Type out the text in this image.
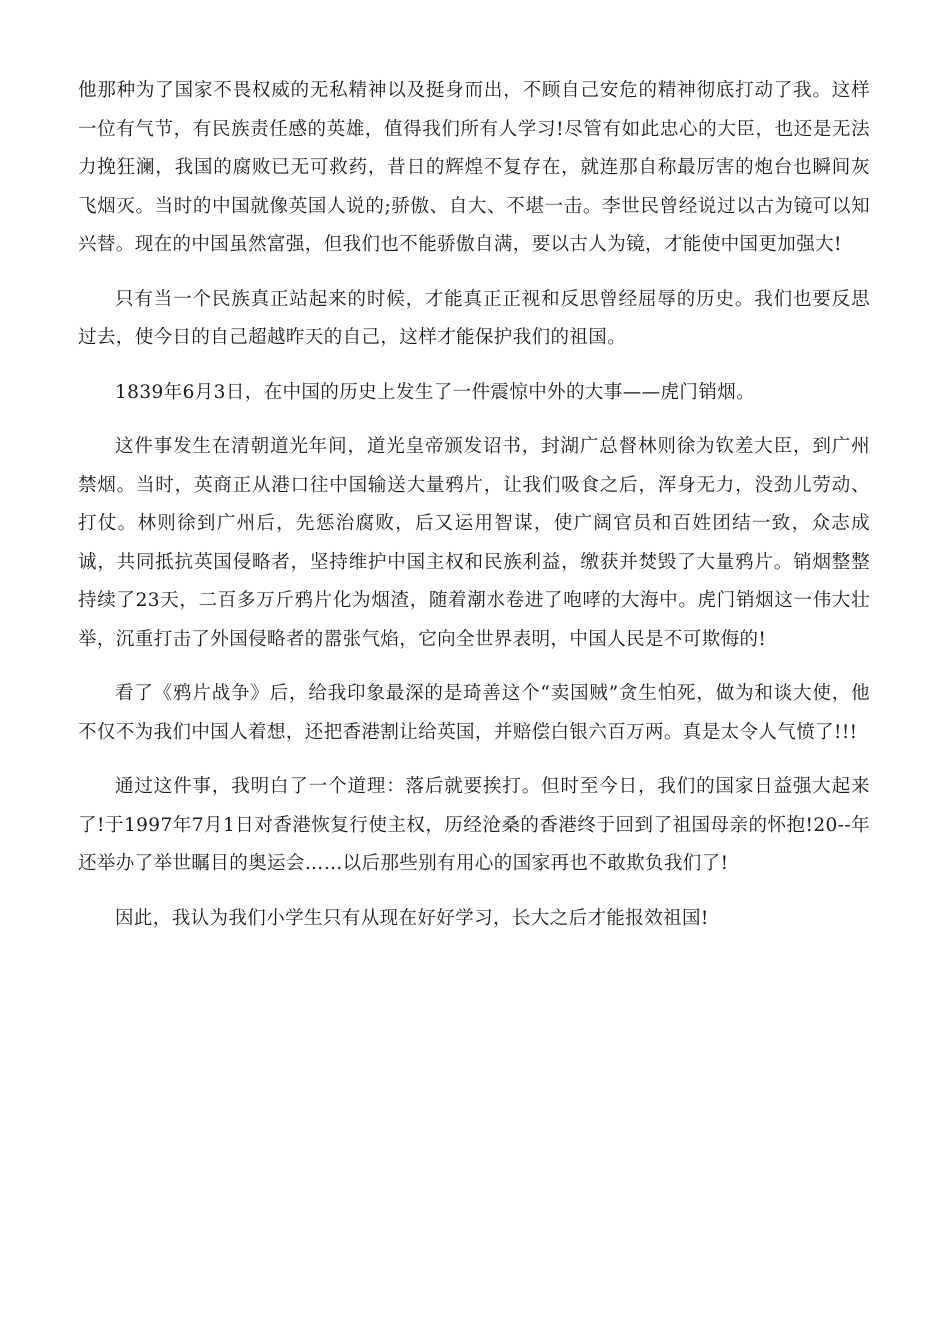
他那种为了国家不畏权威的无私精神以及挺身而出，不顾自己安危的精神彻底打动了我。这样一位有气节，有民族责任感的英雄，值得我们所有人学习!尽管有如此忠心的大臣，也还是无法力挽狂澜，我国的腐败已无可救药，昔日的辉煌不复存在，就连那自称最厉害的炮台也瞬间灰飞烟灭。当时的中国就像英国人说的;骄傲、自大、不堪一击。李世民曾经说过以古为镜可以知兴替。现在的中国虽然富强，但我们也不能骄傲自满，要以古人为镜，才能使中国更加强大!

只有当一个民族真正站起来的时候，才能真正正视和反思曾经屈辱的历史。我们也要反思过去，使今日的自己超越昨天的自己，这样才能保护我们的祖国。

1839年6月3日，在中国的历史上发生了一件震惊中外的大事——虎门销烟。

这件事发生在清朝道光年间，道光皇帝颁发诏书，封湖广总督林则徐为钦差大臣，到广州禁烟。当时，英商正从港口往中国输送大量鸦片，让我们吸食之后，浑身无力，没劲儿劳动、打仗。林则徐到广州后，先惩治腐败，后又运用智谋，使广阔官员和百姓团结一致，众志成诚，共同抵抗英国侵略者，坚持维护中国主权和民族利益，缴获并焚毁了大量鸦片。销烟整整持续了23天，二百多万斤鸦片化为烟渣，随着潮水卷进了咆哮的大海中。虎门销烟这一伟大壮举，沉重打击了外国侵略者的嚣张气焰，它向全世界表明，中国人民是不可欺侮的!

看了《鸦片战争》后，给我印象最深的是琦善这个“卖国贼”贪生怕死，做为和谈大使，他不仅不为我们中国人着想，还把香港割让给英国，并赔偿白银六百万两。真是太令人气愤了!!!

通过这件事，我明白了一个道理：落后就要挨打。但时至今日，我们的国家日益强大起来了!于1997年7月1日对香港恢复行使主权，历经沧桑的香港终于回到了祖国母亲的怀抱!20--年还举办了举世瞩目的奥运会……以后那些别有用心的国家再也不敢欺负我们了!

因此，我认为我们小学生只有从现在好好学习，长大之后才能报效祖国!
